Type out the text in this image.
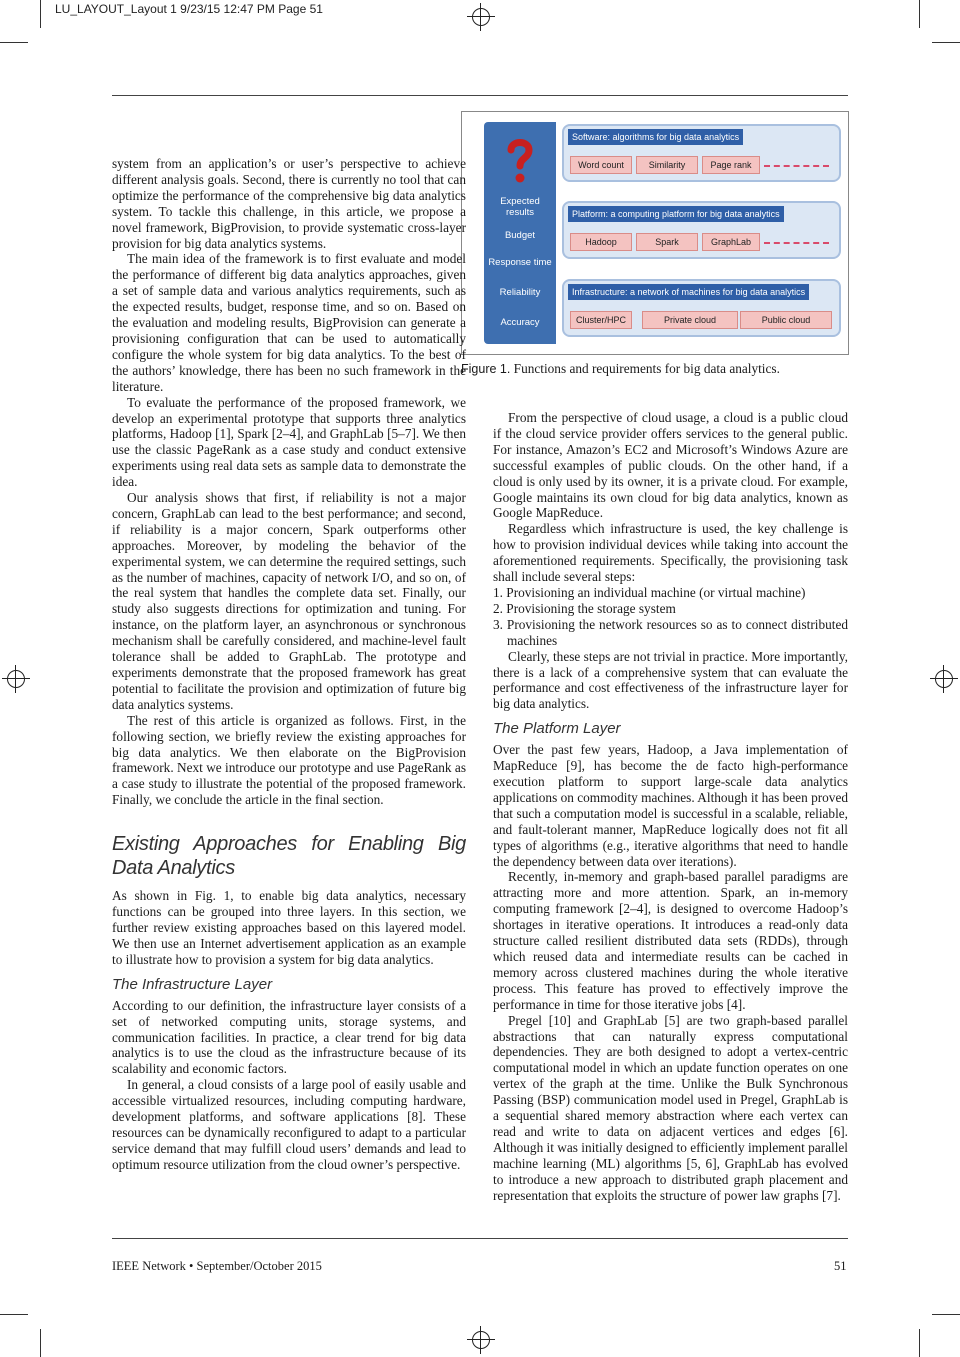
LU_LAYOUT_Layout 1 9/23/15 12:47 PM Page 51
Expected results
Budget
Response time
Reliability
Accuracy
Software: algorithms for big data analytics
Word count	Similarity	Page rank
Platform: a computing platform for big data analytics
Hadoop	Spark	GraphLab
Infrastructure: a network of machines for big data analytics
Cluster/HPC	Private cloud	Public cloud
Figure 1. Functions and requirements for big data analytics.

system from an application’s or user’s perspective to achieve different analysis goals. Second, there is currently no tool that can optimize the performance of the comprehensive big data analytics system. To tackle this challenge, in this article, we propose a novel framework, BigProvision, to provide systematic cross-layer provision for big data analytics systems.

The main idea of the framework is to first evaluate and model the performance of different big data analytics approaches, given a set of sample data and various analytics requirements, such as the expected results, budget, response time, and so on. Based on the evaluation and modeling results, BigProvision can generate a provisioning configuration that can be used to automatically configure the whole system for big data analytics. To the best of the authors’ knowledge, there has been no such framework in the literature.

To evaluate the performance of the proposed framework, we develop an experimental prototype that supports three analytics platforms, Hadoop [1], Spark [2–4], and GraphLab [5–7]. We then use the classic PageRank as a case study and conduct extensive experiments using real data sets as sample data to demonstrate the idea.

Our analysis shows that first, if reliability is not a major concern, GraphLab can lead to the best performance; and second, if reliability is a major concern, Spark outperforms other approaches. Moreover, by modeling the behavior of the experimental system, we can determine the required settings, such as the number of machines, capacity of network I/O, and so on, of the real system that handles the complete data set. Finally, our study also suggests directions for optimization and tuning. For instance, on the platform layer, an asynchronous or synchronous mechanism shall be carefully considered, and machine-level fault tolerance shall be added to GraphLab. The prototype and experiments demonstrate that the proposed framework has great potential to facilitate the provision and optimization of future big data analytics systems.

The rest of this article is organized as follows. First, in the following section, we briefly review the existing approaches for big data analytics. We then elaborate on the BigProvision framework. Next we introduce our prototype and use PageRank as a case study to illustrate the potential of the proposed framework. Finally, we conclude the article in the final section.

Existing Approaches for Enabling Big Data Analytics

As shown in Fig. 1, to enable big data analytics, necessary functions can be grouped into three layers. In this section, we further review existing approaches based on this layered model. We then use an Internet advertisement application as an example to illustrate how to provision a system for big data analytics.

The Infrastructure Layer

According to our definition, the infrastructure layer consists of a set of networked computing units, storage systems, and communication facilities. In practice, a clear trend for big data analytics is to use the cloud as the infrastructure because of its scalability and economic factors.

In general, a cloud consists of a large pool of easily usable and accessible virtualized resources, including computing hardware, development platforms, and software applications [8]. These resources can be dynamically reconfigured to adapt to a particular service demand that may fulfill cloud users’ demands and lead to optimum resource utilization from the cloud owner’s perspective.

From the perspective of cloud usage, a cloud is a public cloud if the cloud service provider offers services to the general public. For instance, Amazon’s EC2 and Microsoft’s Windows Azure are successful examples of public clouds. On the other hand, if a cloud is only used by its owner, it is a private cloud. For example, Google maintains its own cloud for big data analytics, known as Google MapReduce.

Regardless which infrastructure is used, the key challenge is how to provision individual devices while taking into account the aforementioned requirements. Specifically, the provisioning task shall include several steps:

1. Provisioning an individual machine (or virtual machine)
2. Provisioning the storage system
3. Provisioning the network resources so as to connect distributed machines

Clearly, these steps are not trivial in practice. More importantly, there is a lack of a comprehensive system that can evaluate the performance and cost effectiveness of the infrastructure layer for big data analytics.

The Platform Layer

Over the past few years, Hadoop, a Java implementation of MapReduce [9], has become the de facto high-performance execution platform to support large-scale data analytics applications on commodity machines. Although it has been proved that such a computation model is successful in a scalable, reliable, and fault-tolerant manner, MapReduce logically does not fit all types of algorithms (e.g., iterative algorithms that need to handle the dependency between data over iterations).

Recently, in-memory and graph-based parallel paradigms are attracting more and more attention. Spark, an in-memory computing framework [2–4], is designed to overcome Hadoop’s shortages in iterative operations. It introduces a read-only data structure called resilient distributed data sets (RDDs), through which reused data and intermediate results can be cached in memory across clustered machines during the whole iterative process. This feature has proved to effectively improve the performance in time for those iterative jobs [4].

Pregel [10] and GraphLab [5] are two graph-based parallel abstractions that can naturally express computational dependencies. They are both designed to adopt a vertex-centric computational model in which an update function operates on one vertex of the graph at the time. Unlike the Bulk Synchronous Passing (BSP) communication model used in Pregel, GraphLab is a sequential shared memory abstraction where each vertex can read and write to data on adjacent vertices and edges [6]. Although it was initially designed to efficiently implement parallel machine learning (ML) algorithms [5, 6], GraphLab has evolved to introduce a new approach to distributed graph placement and representation that exploits the structure of power law graphs [7].

IEEE Network • September/October 2015	51
